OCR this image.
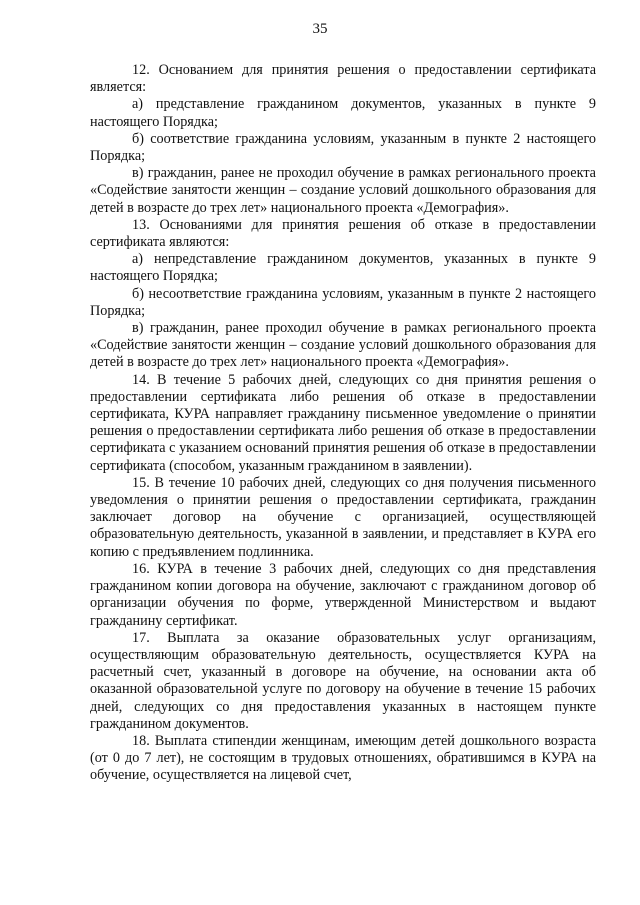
35

12. Основанием для принятия решения о предоставлении сертификата является:

а) представление гражданином документов, указанных в пункте 9 настоящего Порядка;

б) соответствие гражданина условиям, указанным в пункте 2 настоящего Порядка;

в) гражданин, ранее не проходил обучение в рамках регионального проекта «Содействие занятости женщин – создание условий дошкольного образования для детей в возрасте до трех лет» национального проекта «Демография».

13. Основаниями для принятия решения об отказе в предоставлении сертификата являются:

а) непредставление гражданином документов, указанных в пункте 9 настоящего Порядка;

б) несоответствие гражданина условиям, указанным в пункте 2 настоящего Порядка;

в) гражданин, ранее проходил обучение в рамках регионального проекта «Содействие занятости женщин – создание условий дошкольного образования для детей в возрасте до трех лет» национального проекта «Демография».

14. В течение 5 рабочих дней, следующих со дня принятия решения о предоставлении сертификата либо решения об отказе в предоставлении сертификата, КУРА направляет гражданину письменное уведомление о принятии решения о предоставлении сертификата либо решения об отказе в предоставлении сертификата с указанием оснований принятия решения об отказе в предоставлении сертификата (способом, указанным гражданином в заявлении).

15. В течение 10 рабочих дней, следующих со дня получения письменного уведомления о принятии решения о предоставлении сертификата, гражданин заключает договор на обучение с организацией, осуществляющей образовательную деятельность, указанной в заявлении, и представляет в КУРА его копию с предъявлением подлинника.

16. КУРА в течение 3 рабочих дней, следующих со дня представления гражданином копии договора на обучение, заключают с гражданином договор об организации обучения по форме, утвержденной Министерством и выдают гражданину сертификат.

17. Выплата за оказание образовательных услуг организациям, осуществляющим образовательную деятельность, осуществляется КУРА на расчетный счет, указанный в договоре на обучение, на основании акта об оказанной образовательной услуге по договору на обучение в течение 15 рабочих дней, следующих со дня предоставления указанных в настоящем пункте гражданином документов.

18. Выплата стипендии женщинам, имеющим детей дошкольного возраста (от 0 до 7 лет), не состоящим в трудовых отношениях, обратившимся в КУРА на обучение, осуществляется на лицевой счет,
